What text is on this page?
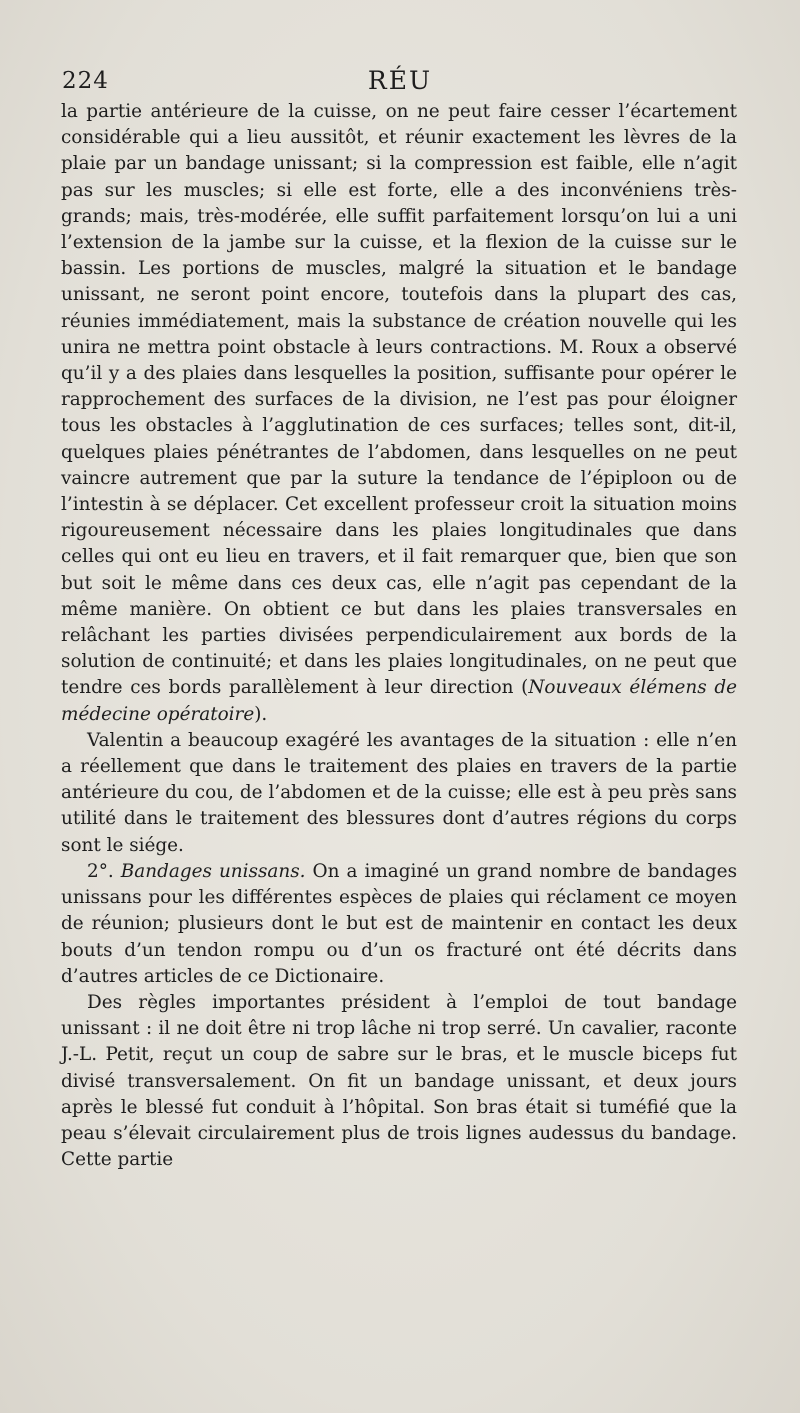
224	RÉU

la partie antérieure de la cuisse, on ne peut faire cesser l’écartement considérable qui a lieu aussitôt, et réunir exactement les lèvres de la plaie par un bandage unissant; si la compression est faible, elle n’agit pas sur les muscles; si elle est forte, elle a des inconvéniens très-grands; mais, très-modérée, elle suffit parfaitement lorsqu’on lui a uni l’extension de la jambe sur la cuisse, et la flexion de la cuisse sur le bassin. Les portions de muscles, malgré la situation et le bandage unissant, ne seront point encore, toutefois dans la plupart des cas, réunies immédiatement, mais la substance de création nouvelle qui les unira ne mettra point obstacle à leurs contractions. M. Roux a observé qu’il y a des plaies dans lesquelles la position, suffisante pour opérer le rapprochement des surfaces de la division, ne l’est pas pour éloigner tous les obstacles à l’agglutination de ces surfaces; telles sont, dit-il, quelques plaies pénétrantes de l’abdomen, dans lesquelles on ne peut vaincre autrement que par la suture la tendance de l’épiploon ou de l’intestin à se déplacer. Cet excellent professeur croit la situation moins rigoureusement nécessaire dans les plaies longitudinales que dans celles qui ont eu lieu en travers, et il fait remarquer que, bien que son but soit le même dans ces deux cas, elle n’agit pas cependant de la même manière. On obtient ce but dans les plaies transversales en relâchant les parties divisées perpendiculairement aux bords de la solution de continuité; et dans les plaies longitudinales, on ne peut que tendre ces bords parallèlement à leur direction (Nouveaux élémens de médecine opératoire).

Valentin a beaucoup exagéré les avantages de la situation : elle n’en a réellement que dans le traitement des plaies en travers de la partie antérieure du cou, de l’abdomen et de la cuisse; elle est à peu près sans utilité dans le traitement des blessures dont d’autres régions du corps sont le siége.

2°. Bandages unissans. On a imaginé un grand nombre de bandages unissans pour les différentes espèces de plaies qui réclament ce moyen de réunion; plusieurs dont le but est de maintenir en contact les deux bouts d’un tendon rompu ou d’un os fracturé ont été décrits dans d’autres articles de ce Dictionaire.

Des règles importantes président à l’emploi de tout bandage unissant : il ne doit être ni trop lâche ni trop serré. Un cavalier, raconte J.-L. Petit, reçut un coup de sabre sur le bras, et le muscle biceps fut divisé transversalement. On fit un bandage unissant, et deux jours après le blessé fut conduit à l’hôpital. Son bras était si tuméfié que la peau s’élevait circulairement plus de trois lignes audessus du bandage. Cette partie
